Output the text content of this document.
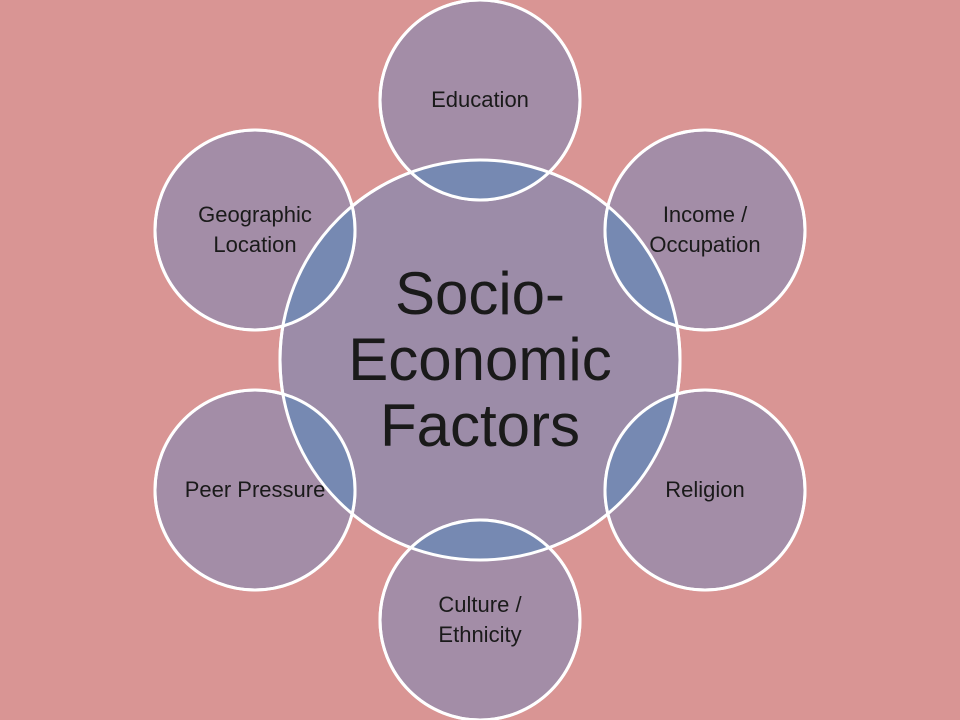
Socio-Economic Factors
Education
Income / Occupation
Religion
Culture / Ethnicity
Peer Pressure
Geographic Location
